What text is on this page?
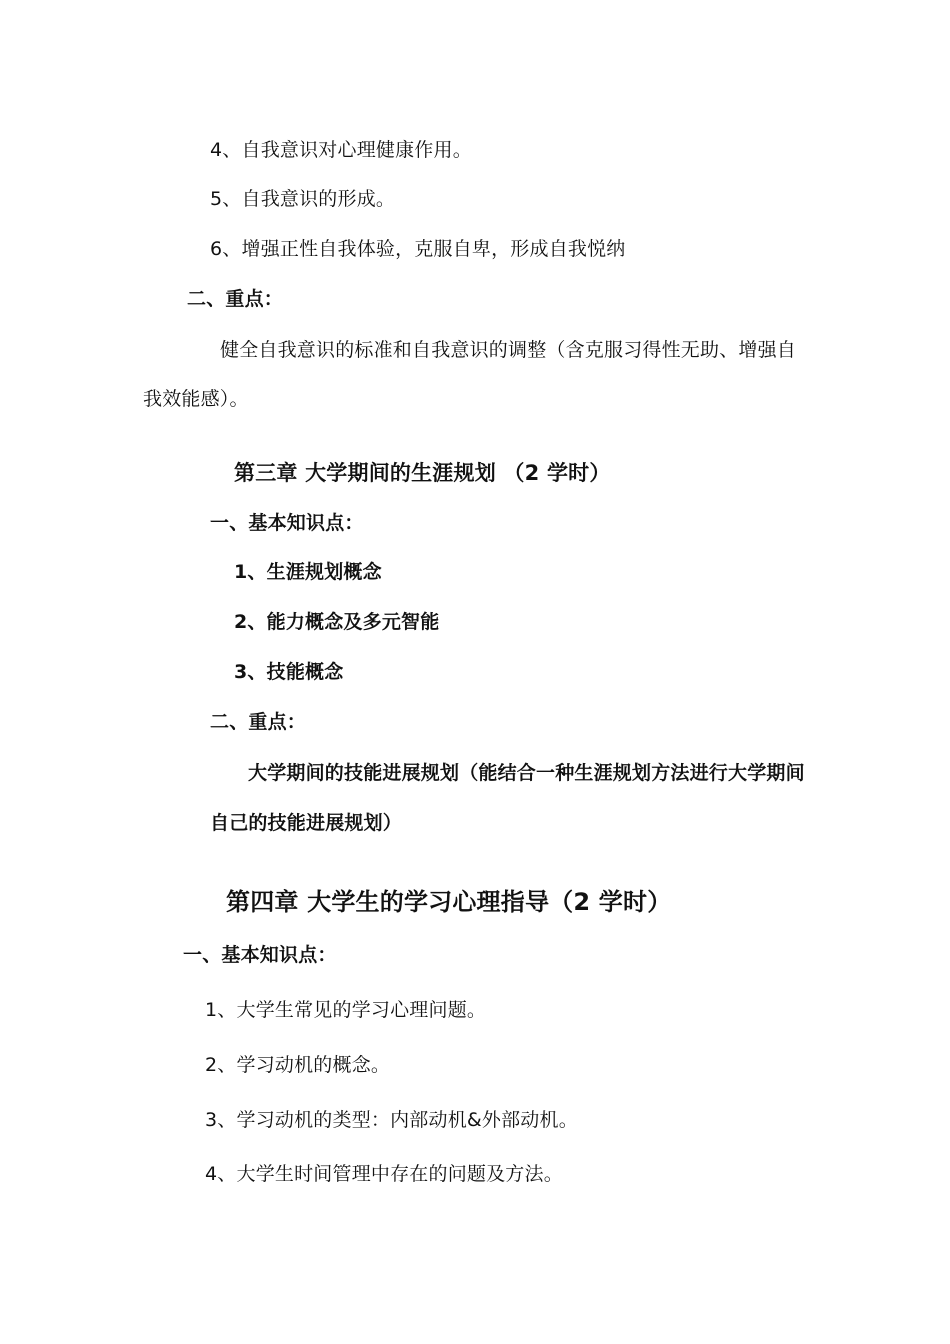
4、自我意识对心理健康作用。
5、自我意识的形成。
6、增强正性自我体验，克服自卑，形成自我悦纳
二、重点：
健全自我意识的标准和自我意识的调整（含克服习得性无助、增强自
我效能感）。
第三章 大学期间的生涯规划 （2 学时）
一、基本知识点：
1、生涯规划概念
2、能力概念及多元智能
3、技能概念
二、重点：
大学期间的技能进展规划（能结合一种生涯规划方法进行大学期间
自己的技能进展规划）
第四章 大学生的学习心理指导（2 学时）
一、基本知识点：
1、大学生常见的学习心理问题。
2、学习动机的概念。
3、学习动机的类型：内部动机&外部动机。
4、大学生时间管理中存在的问题及方法。
